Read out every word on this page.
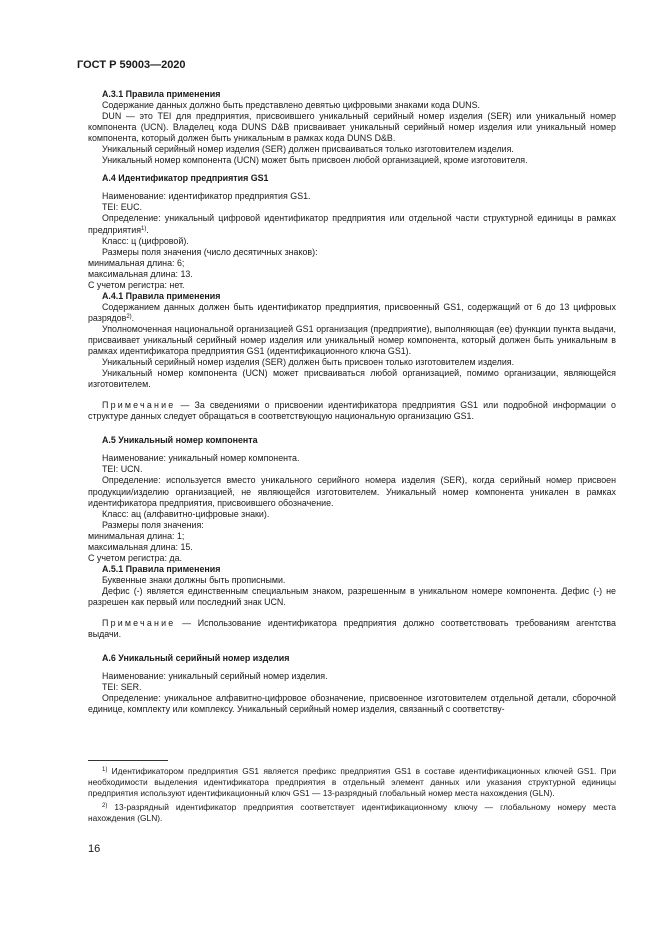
ГОСТ Р 59003—2020

А.3.1 Правила применения

Содержание данных должно быть представлено девятью цифровыми знаками кода DUNS.

DUN — это TEI для предприятия, присвоившего уникальный серийный номер изделия (SER) или уникальный номер компонента (UCN). Владелец кода DUNS D&B присваивает уникальный серийный номер изделия или уникальный номер компонента, который должен быть уникальным в рамках кода DUNS D&B.

Уникальный серийный номер изделия (SER) должен присваиваться только изготовителем изделия.

Уникальный номер компонента (UCN) может быть присвоен любой организацией, кроме изготовителя.

А.4 Идентификатор предприятия GS1

Наименование: идентификатор предприятия GS1.

TEI: EUC.

Определение: уникальный цифровой идентификатор предприятия или отдельной части структурной единицы в рамках предприятия$^{1)}$.

Класс: ц (цифровой).

Размеры поля значения (число десятичных знаков):

минимальная длина: 6;

максимальная длина: 13.

С учетом регистра: нет.

А.4.1 Правила применения

Содержанием данных должен быть идентификатор предприятия, присвоенный GS1, содержащий от 6 до 13 цифровых разрядов$^{2)}$.

Уполномоченная национальной организацией GS1 организация (предприятие), выполняющая (ее) функции пункта выдачи, присваивает уникальный серийный номер изделия или уникальный номер компонента, который должен быть уникальным в рамках идентификатора предприятия GS1 (идентификационного ключа GS1).

Уникальный серийный номер изделия (SER) должен быть присвоен только изготовителем изделия.

Уникальный номер компонента (UCN) может присваиваться любой организацией, помимо организации, являющейся изготовителем.

Примечание — За сведениями о присвоении идентификатора предприятия GS1 или подробной информации о структуре данных следует обращаться в соответствующую национальную организацию GS1.

А.5 Уникальный номер компонента

Наименование: уникальный номер компонента.

TEI: UCN.

Определение: используется вместо уникального серийного номера изделия (SER), когда серийный номер присвоен продукции/изделию организацией, не являющейся изготовителем. Уникальный номер компонента уникален в рамках идентификатора предприятия, присвоившего обозначение.

Класс: ац (алфавитно-цифровые знаки).

Размеры поля значения:

минимальная длина: 1;

максимальная длина: 15.

С учетом регистра: да.

А.5.1 Правила применения

Буквенные знаки должны быть прописными.

Дефис (-) является единственным специальным знаком, разрешенным в уникальном номере компонента. Дефис (-) не разрешен как первый или последний знак UCN.

Примечание — Использование идентификатора предприятия должно соответствовать требованиям агентства выдачи.

А.6 Уникальный серийный номер изделия

Наименование: уникальный серийный номер изделия.

TEI: SER.

Определение: уникальное алфавитно-цифровое обозначение, присвоенное изготовителем отдельной детали, сборочной единице, комплекту или комплексу. Уникальный серийный номер изделия, связанный с соответству-

$^{1)}$ Идентификатором предприятия GS1 является префикс предприятия GS1 в составе идентификационных ключей GS1. При необходимости выделения идентификатора предприятия в отдельный элемент данных или указания структурной единицы предприятия используют идентификационный ключ GS1 — 13-разрядный глобальный номер места нахождения (GLN).

$^{2)}$ 13-разрядный идентификатор предприятия соответствует идентификационному ключу — глобальному номеру места нахождения (GLN).

16
